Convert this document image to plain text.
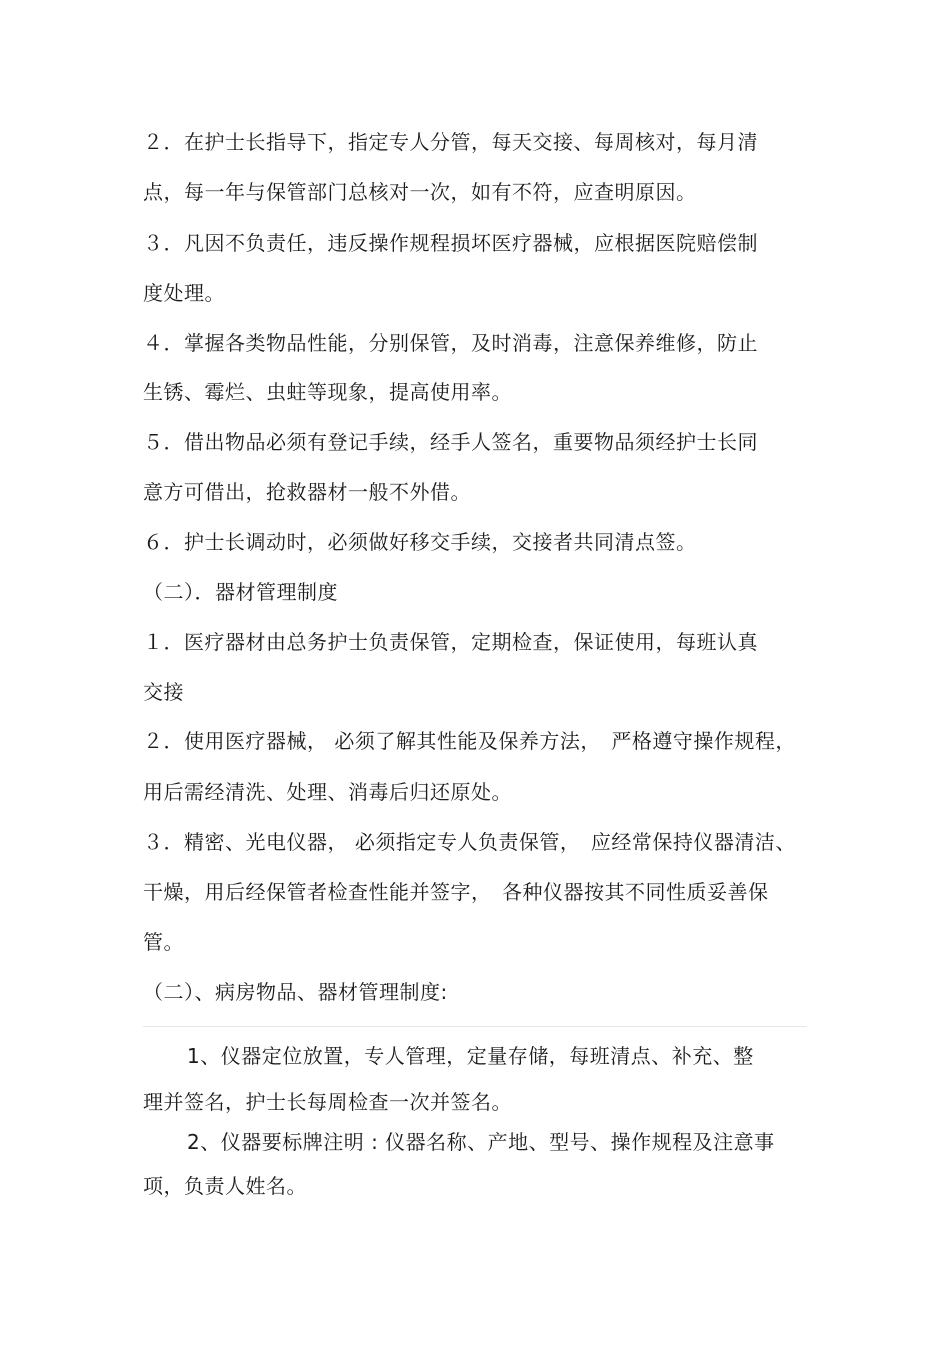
２．在护士长指导下，指定专人分管，每天交接、每周核对，每月清
点，每一年与保管部门总核对一次，如有不符，应查明原因。
３．凡因不负责任，违反操作规程损坏医疗器械，应根据医院赔偿制
度处理。
４．掌握各类物品性能，分别保管，及时消毒，注意保养维修，防止
生锈、霉烂、虫蛀等现象，提高使用率。
５．借出物品必须有登记手续，经手人签名，重要物品须经护士长同
意方可借出，抢救器材一般不外借。
６．护士长调动时，必须做好移交手续，交接者共同清点签。
（二）．器材管理制度
１．医疗器材由总务护士负责保管，定期检查，保证使用，每班认真
交接
２．使用医疗器械， 必须了解其性能及保养方法，　严格遵守操作规程，
用后需经清洗、处理、消毒后归还原处。
３．精密、光电仪器， 必须指定专人负责保管，　应经常保持仪器清洁、
干燥，用后经保管者检查性能并签字，　各种仪器按其不同性质妥善保
管。
（二）、病房物品、器材管理制度:
1、仪器定位放置，专人管理，定量存储，每班清点、补充、整
理并签名，护士长每周检查一次并签名。
2、仪器要标牌注明 : 仪器名称、产地、型号、操作规程及注意事
项，负责人姓名。
